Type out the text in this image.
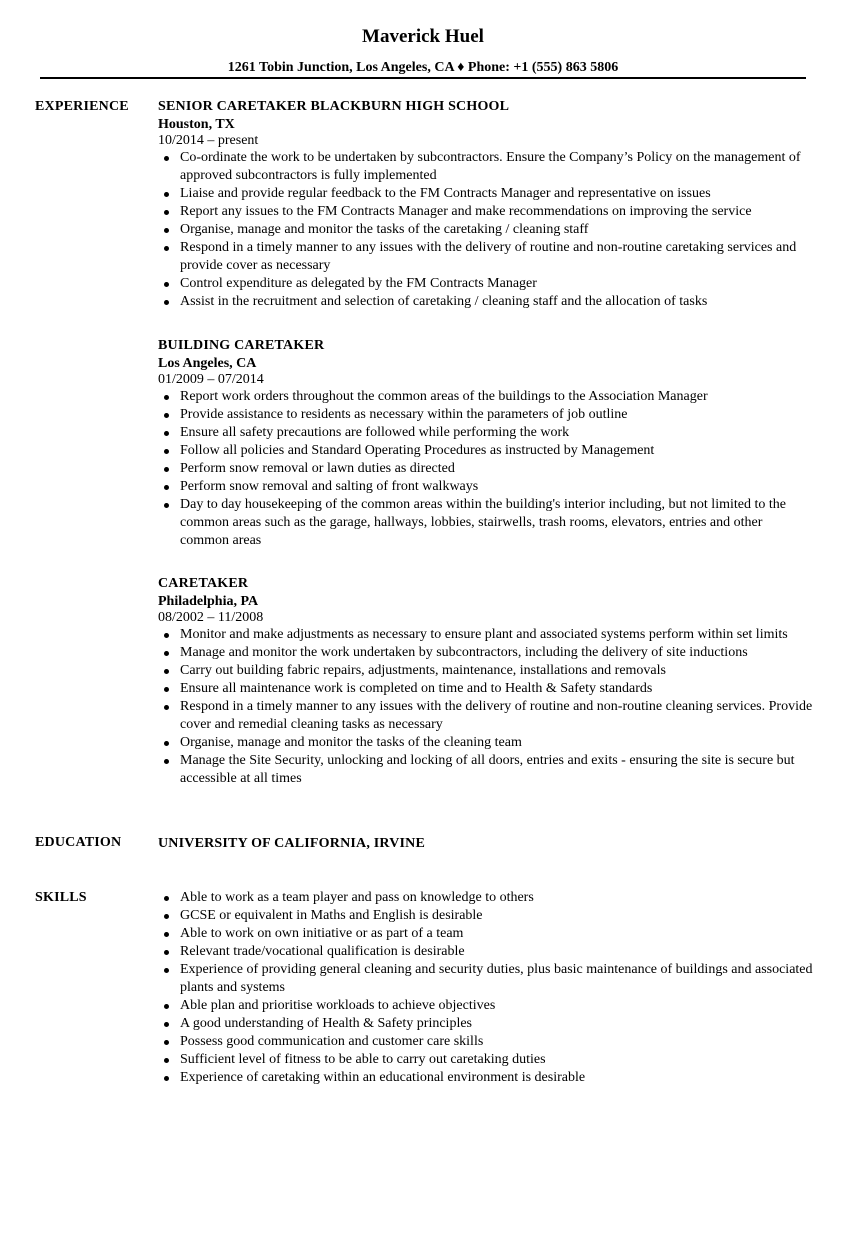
Maverick Huel
1261 Tobin Junction, Los Angeles, CA ♦ Phone: +1 (555) 863 5806
EXPERIENCE SENIOR CARETAKER BLACKBURN HIGH SCHOOL
Houston, TX
10/2014 – present
Co-ordinate the work to be undertaken by subcontractors. Ensure the Company’s Policy on the management of approved subcontractors is fully implemented
Liaise and provide regular feedback to the FM Contracts Manager and representative on issues
Report any issues to the FM Contracts Manager and make recommendations on improving the service
Organise, manage and monitor the tasks of the caretaking / cleaning staff
Respond in a timely manner to any issues with the delivery of routine and non-routine caretaking services and provide cover as necessary
Control expenditure as delegated by the FM Contracts Manager
Assist in the recruitment and selection of caretaking / cleaning staff and the allocation of tasks
BUILDING CARETAKER
Los Angeles, CA
01/2009 – 07/2014
Report work orders throughout the common areas of the buildings to the Association Manager
Provide assistance to residents as necessary within the parameters of job outline
Ensure all safety precautions are followed while performing the work
Follow all policies and Standard Operating Procedures as instructed by Management
Perform snow removal or lawn duties as directed
Perform snow removal and salting of front walkways
Day to day housekeeping of the common areas within the building's interior including, but not limited to the common areas such as the garage, hallways, lobbies, stairwells, trash rooms, elevators, entries and other common areas
CARETAKER
Philadelphia, PA
08/2002 – 11/2008
Monitor and make adjustments as necessary to ensure plant and associated systems perform within set limits
Manage and monitor the work undertaken by subcontractors, including the delivery of site inductions
Carry out building fabric repairs, adjustments, maintenance, installations and removals
Ensure all maintenance work is completed on time and to Health & Safety standards
Respond in a timely manner to any issues with the delivery of routine and non-routine cleaning services. Provide cover and remedial cleaning tasks as necessary
Organise, manage and monitor the tasks of the cleaning team
Manage the Site Security, unlocking and locking of all doors, entries and exits - ensuring the site is secure but accessible at all times
EDUCATION	UNIVERSITY OF CALIFORNIA, IRVINE
SKILLS	Able to work as a team player and pass on knowledge to others
GCSE or equivalent in Maths and English is desirable
Able to work on own initiative or as part of a team
Relevant trade/vocational qualification is desirable
Experience of providing general cleaning and security duties, plus basic maintenance of buildings and associated plants and systems
Able plan and prioritise workloads to achieve objectives
A good understanding of Health & Safety principles
Possess good communication and customer care skills
Sufficient level of fitness to be able to carry out caretaking duties
Experience of caretaking within an educational environment is desirable
